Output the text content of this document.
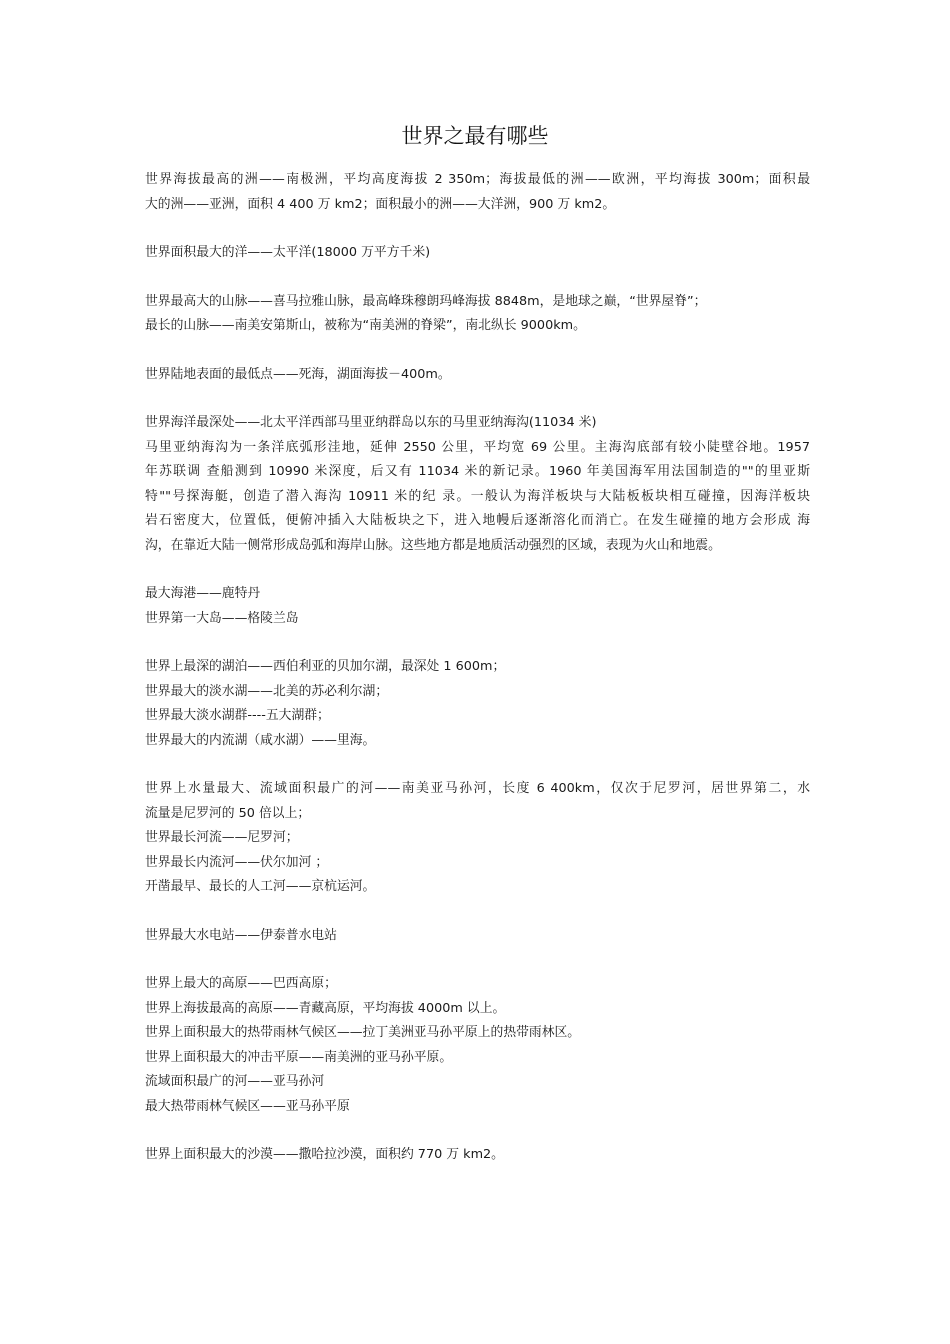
世界之最有哪些
世界海拔最高的洲——南极洲，平均高度海拔 2 350m；海拔最低的洲——欧洲，平均海拔 300m；面积最
大的洲——亚洲，面积 4 400 万 km2；面积最小的洲——大洋洲，900 万 km2。
世界面积最大的洋——太平洋(18000 万平方千米)
世界最高大的山脉——喜马拉雅山脉，最高峰珠穆朗玛峰海拔 8848m，是地球之巅，“世界屋脊”；
最长的山脉——南美安第斯山，被称为“南美洲的脊梁”，南北纵长 9000km。
世界陆地表面的最低点——死海，湖面海拔－400m。
世界海洋最深处——北太平洋西部马里亚纳群岛以东的马里亚纳海沟(11034 米)
马里亚纳海沟为一条洋底弧形洼地，延伸 2550 公里，平均宽 69 公里。主海沟底部有较小陡壁谷地。1957
年苏联调 查船测到 10990 米深度，后又有 11034 米的新记录。1960 年美国海军用法国制造的""的里亚斯
特""号探海艇，创造了潜入海沟 10911 米的纪 录。一般认为海洋板块与大陆板板块相互碰撞，因海洋板块
岩石密度大，位置低，便俯冲插入大陆板块之下，进入地幔后逐渐溶化而消亡。在发生碰撞的地方会形成 海
沟，在靠近大陆一侧常形成岛弧和海岸山脉。这些地方都是地质活动强烈的区域，表现为火山和地震。
最大海港——鹿特丹
世界第一大岛——格陵兰岛
世界上最深的湖泊——西伯利亚的贝加尔湖，最深处 1 600m；
世界最大的淡水湖——北美的苏必利尔湖；
世界最大淡水湖群----五大湖群；
世界最大的内流湖（咸水湖）——里海。
世界上水量最大、流域面积最广的河——南美亚马孙河，长度 6 400km，仅次于尼罗河，居世界第二，水
流量是尼罗河的 50 倍以上；
世界最长河流——尼罗河；
世界最长内流河——伏尔加河 ；
开凿最早、最长的人工河——京杭运河。
世界最大水电站——伊泰普水电站
世界上最大的高原——巴西高原；
世界上海拔最高的高原——青藏高原，平均海拔 4000m 以上。
世界上面积最大的热带雨林气候区——拉丁美洲亚马孙平原上的热带雨林区。
世界上面积最大的冲击平原——南美洲的亚马孙平原。
流域面积最广的河——亚马孙河
最大热带雨林气候区——亚马孙平原
世界上面积最大的沙漠——撒哈拉沙漠，面积约 770 万 km2。
